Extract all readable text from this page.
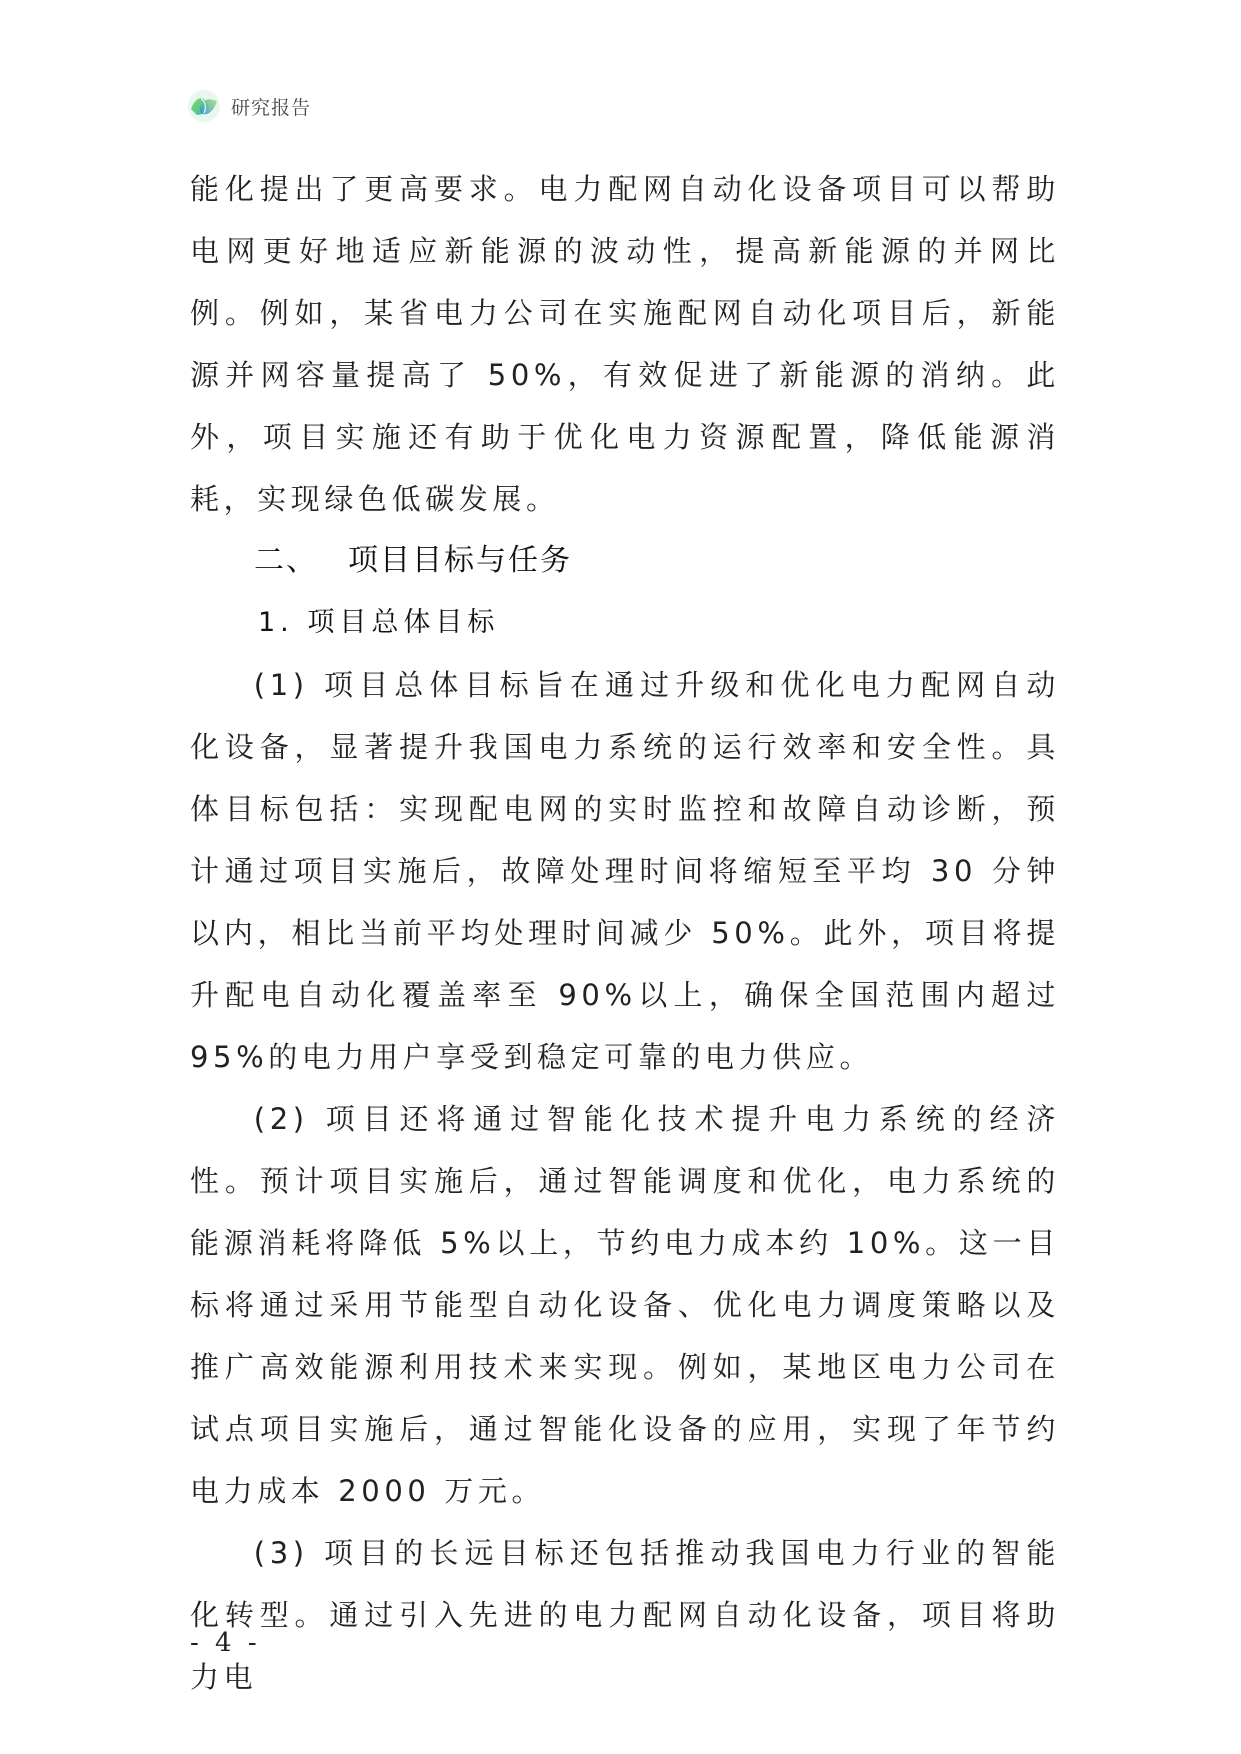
研究报告

能化提出了更高要求。电力配网自动化设备项目可以帮助电网更好地适应新能源的波动性，提高新能源的并网比例。例如，某省电力公司在实施配网自动化项目后，新能源并网容量提高了 50%，有效促进了新能源的消纳。此外，项目实施还有助于优化电力资源配置，降低能源消耗，实现绿色低碳发展。

二、 项目目标与任务

1. 项目总体目标

(1) 项目总体目标旨在通过升级和优化电力配网自动化设备，显著提升我国电力系统的运行效率和安全性。具体目标包括：实现配电网的实时监控和故障自动诊断，预计通过项目实施后，故障处理时间将缩短至平均 30 分钟以内，相比当前平均处理时间减少 50%。此外，项目将提升配电自动化覆盖率至 90%以上，确保全国范围内超过 95%的电力用户享受到稳定可靠的电力供应。

(2) 项目还将通过智能化技术提升电力系统的经济性。预计项目实施后，通过智能调度和优化，电力系统的能源消耗将降低 5%以上，节约电力成本约 10%。这一目标将通过采用节能型自动化设备、优化电力调度策略以及推广高效能源利用技术来实现。例如，某地区电力公司在试点项目实施后，通过智能化设备的应用，实现了年节约电力成本 2000 万元。

(3) 项目的长远目标还包括推动我国电力行业的智能化转型。通过引入先进的电力配网自动化设备，项目将助力电

- 4 -
